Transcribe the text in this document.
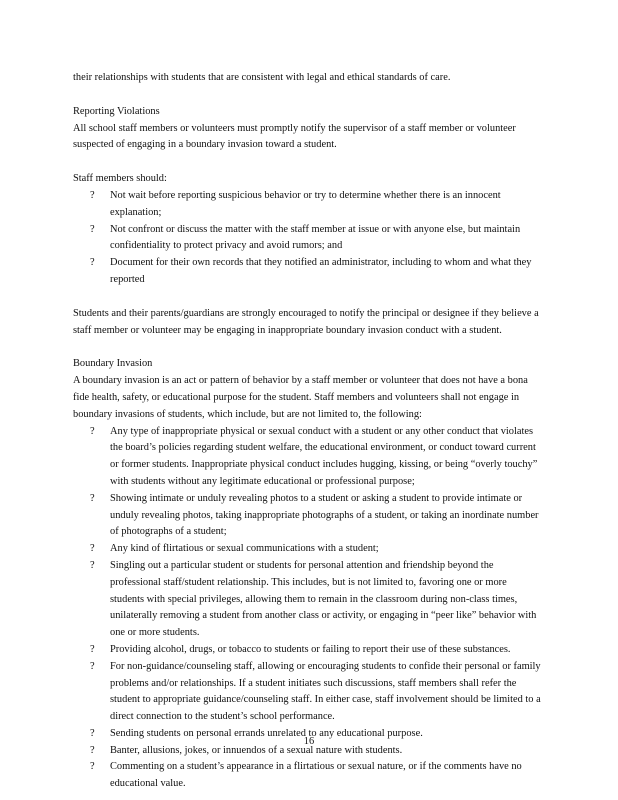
their relationships with students that are consistent with legal and ethical standards of care.

Reporting Violations

All school staff members or volunteers must promptly notify the supervisor of a staff member or volunteer suspected of engaging in a boundary invasion toward a student.

Staff members should:

? Not wait before reporting suspicious behavior or try to determine whether there is an innocent explanation;
? Not confront or discuss the matter with the staff member at issue or with anyone else, but maintain confidentiality to protect privacy and avoid rumors; and
? Document for their own records that they notified an administrator, including to whom and what they reported

Students and their parents/guardians are strongly encouraged to notify the principal or designee if they believe a staff member or volunteer may be engaging in inappropriate boundary invasion conduct with a student.

Boundary Invasion

A boundary invasion is an act or pattern of behavior by a staff member or volunteer that does not have a bona fide health, safety, or educational purpose for the student. Staff members and volunteers shall not engage in boundary invasions of students, which include, but are not limited to, the following:

? Any type of inappropriate physical or sexual conduct with a student or any other conduct that violates the board’s policies regarding student welfare, the educational environment, or conduct toward current or former students. Inappropriate physical conduct includes hugging, kissing, or being “overly touchy” with students without any legitimate educational or professional purpose;
? Showing intimate or unduly revealing photos to a student or asking a student to provide intimate or unduly revealing photos, taking inappropriate photographs of a student, or taking an inordinate number of photographs of a student;
? Any kind of flirtatious or sexual communications with a student;
? Singling out a particular student or students for personal attention and friendship beyond the professional staff/student relationship. This includes, but is not limited to, favoring one or more students with special privileges, allowing them to remain in the classroom during non-class times, unilaterally removing a student from another class or activity, or engaging in “peer like” behavior with one or more students.
? Providing alcohol, drugs, or tobacco to students or failing to report their use of these substances.
? For non-guidance/counseling staff, allowing or encouraging students to confide their personal or family problems and/or relationships. If a student initiates such discussions, staff members shall refer the student to appropriate guidance/counseling staff. In either case, staff involvement should be limited to a direct connection to the student’s school performance.
? Sending students on personal errands unrelated to any educational purpose.
? Banter, allusions, jokes, or innuendos of a sexual nature with students.
? Commenting on a student’s appearance in a flirtatious or sexual nature, or if the comments have no educational value.
16
